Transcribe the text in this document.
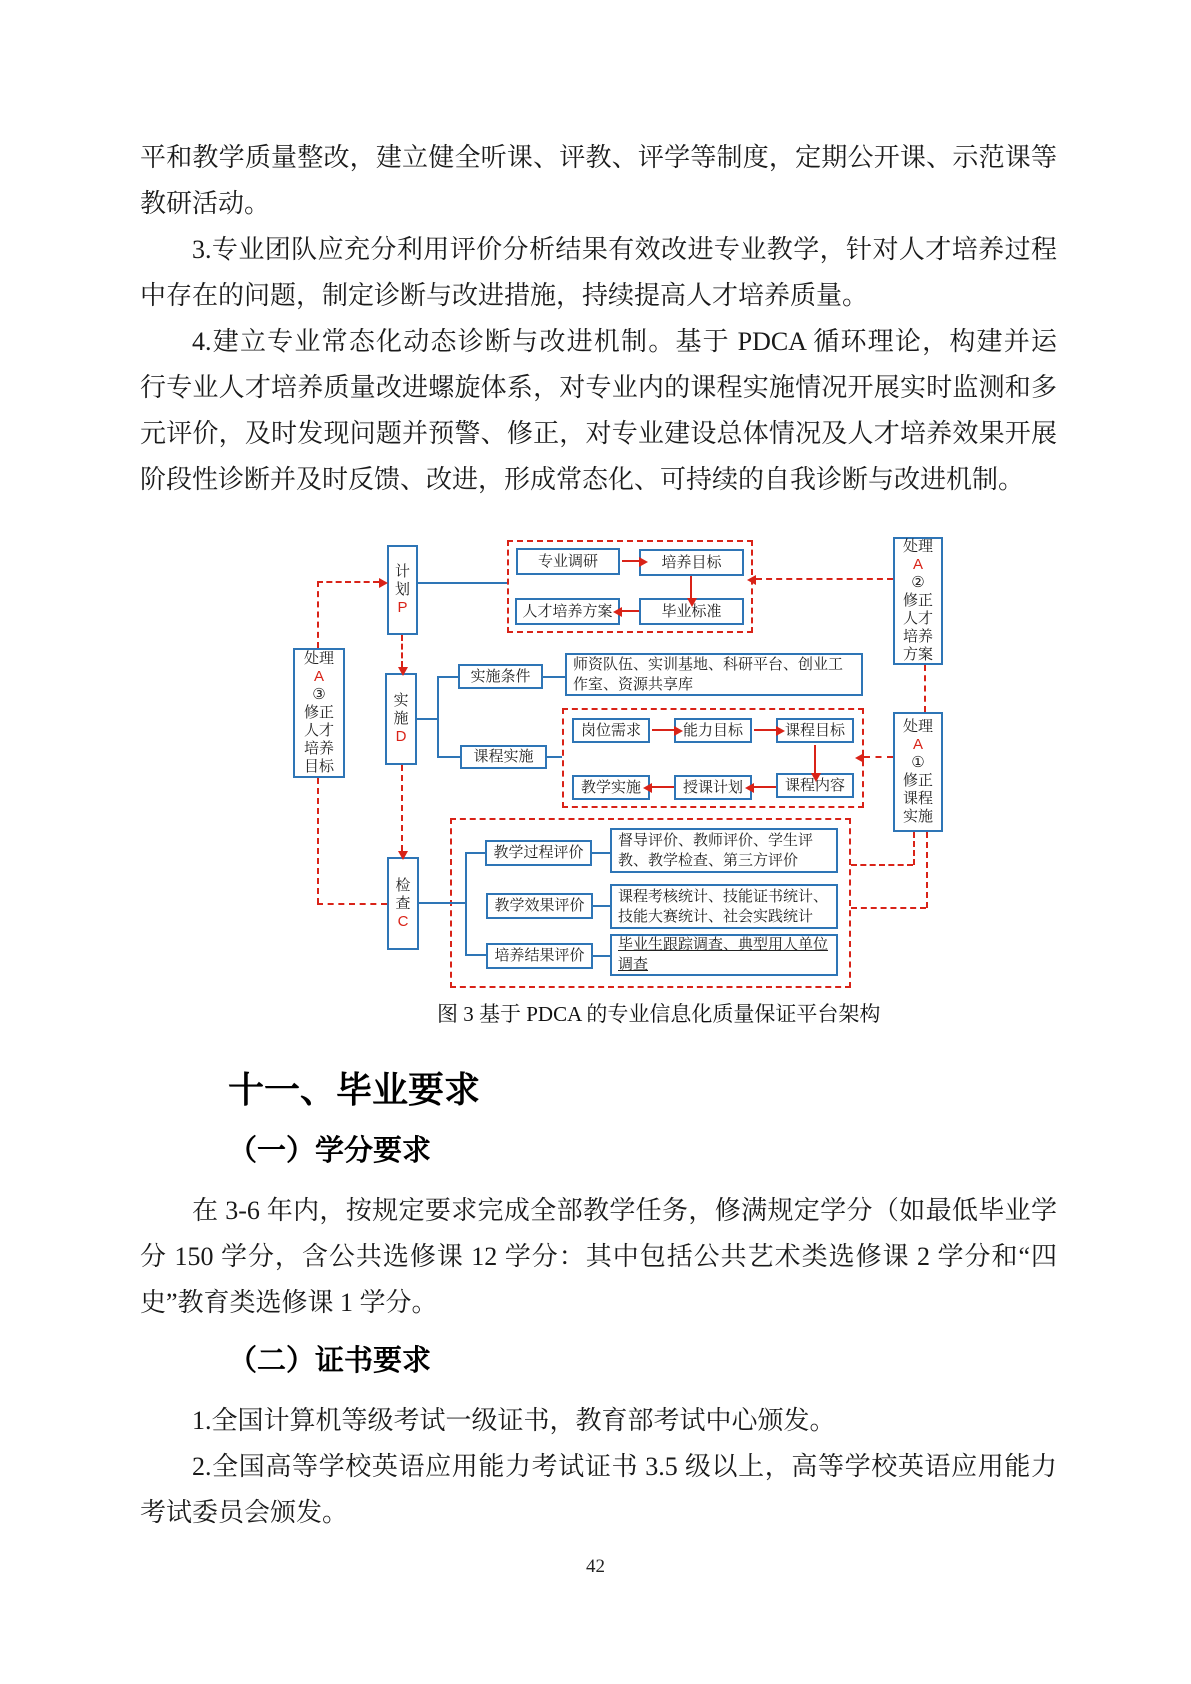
平和教学质量整改，建立健全听课、评教、评学等制度，定期公开课、示范课等
教研活动。
3.专业团队应充分利用评价分析结果有效改进专业教学，针对人才培养过程
中存在的问题，制定诊断与改进措施，持续提高人才培养质量。
4.建立专业常态化动态诊断与改进机制。基于 PDCA 循环理论，构建并运
行专业人才培养质量改进螺旋体系，对专业内的课程实施情况开展实时监测和多
元评价，及时发现问题并预警、修正，对专业建设总体情况及人才培养效果开展
阶段性诊断并及时反馈、改进，形成常态化、可持续的自我诊断与改进机制。
在 3-6 年内，按规定要求完成全部教学任务，修满规定学分（如最低毕业学
分 150 学分，含公共选修课 12 学分：其中包括公共艺术类选修课 2 学分和“四
史”教育类选修课 1 学分。
1.全国计算机等级考试一级证书，教育部考试中心颁发。
2.全国高等学校英语应用能力考试证书 3.5 级以上，高等学校英语应用能力
考试委员会颁发。
十一、毕业要求
（一）学分要求
（二）证书要求
计
划
P
实
施
D
检
查
C
处理
A
③
修正
人才
培养
目标
处理
A
②
修正
人才
培养
方案
处理
A
①
修正
课程
实施
专业调研	培养目标
人才培养方案	毕业标准
实施条件
师资队伍、实训基地、科研平台、创业工作室、资源共享库
课程实施
岗位需求	能力目标	课程目标
教学实施	授课计划	课程内容
教学过程评价
教学效果评价
培养结果评价
督导评价、教师评价、学生评教、教学检查、第三方评价
课程考核统计、技能证书统计、技能大赛统计、社会实践统计
毕业生跟踪调查、典型用人单位调查
图 3 基于 PDCA 的专业信息化质量保证平台架构
42
